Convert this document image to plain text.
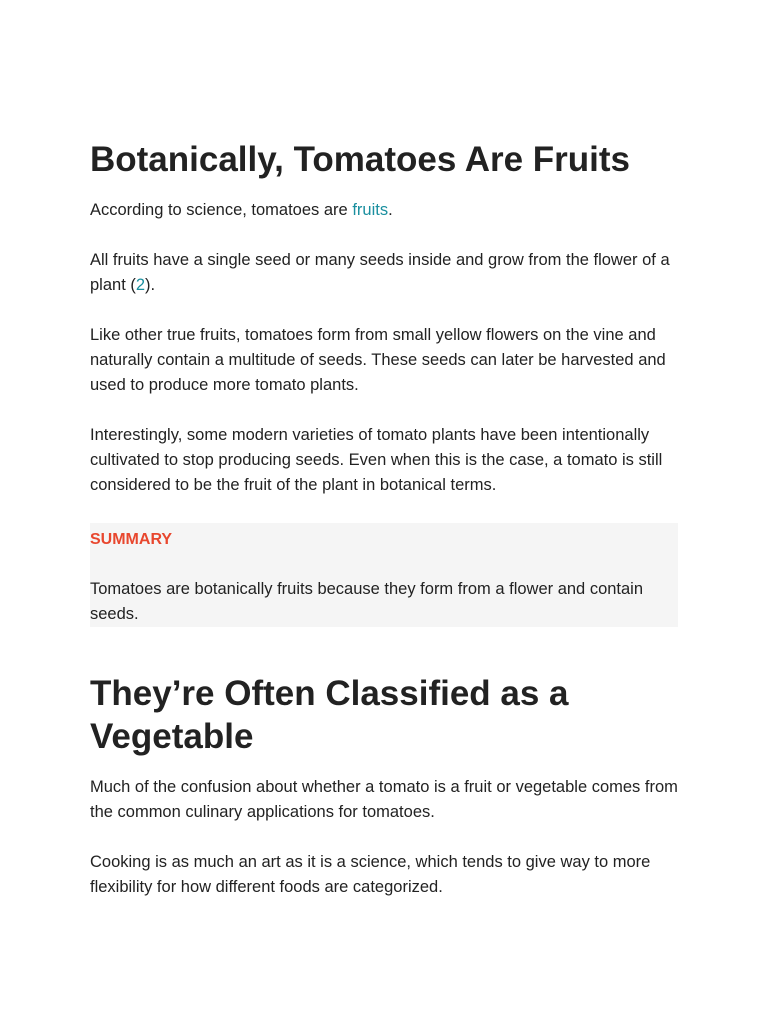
Botanically, Tomatoes Are Fruits

According to science, tomatoes are fruits.

All fruits have a single seed or many seeds inside and grow from the flower of a plant (2).

Like other true fruits, tomatoes form from small yellow flowers on the vine and naturally contain a multitude of seeds. These seeds can later be harvested and used to produce more tomato plants.

Interestingly, some modern varieties of tomato plants have been intentionally cultivated to stop producing seeds. Even when this is the case, a tomato is still considered to be the fruit of the plant in botanical terms.

SUMMARY

Tomatoes are botanically fruits because they form from a flower and contain seeds.

They’re Often Classified as a Vegetable

Much of the confusion about whether a tomato is a fruit or vegetable comes from the common culinary applications for tomatoes.

Cooking is as much an art as it is a science, which tends to give way to more flexibility for how different foods are categorized.
